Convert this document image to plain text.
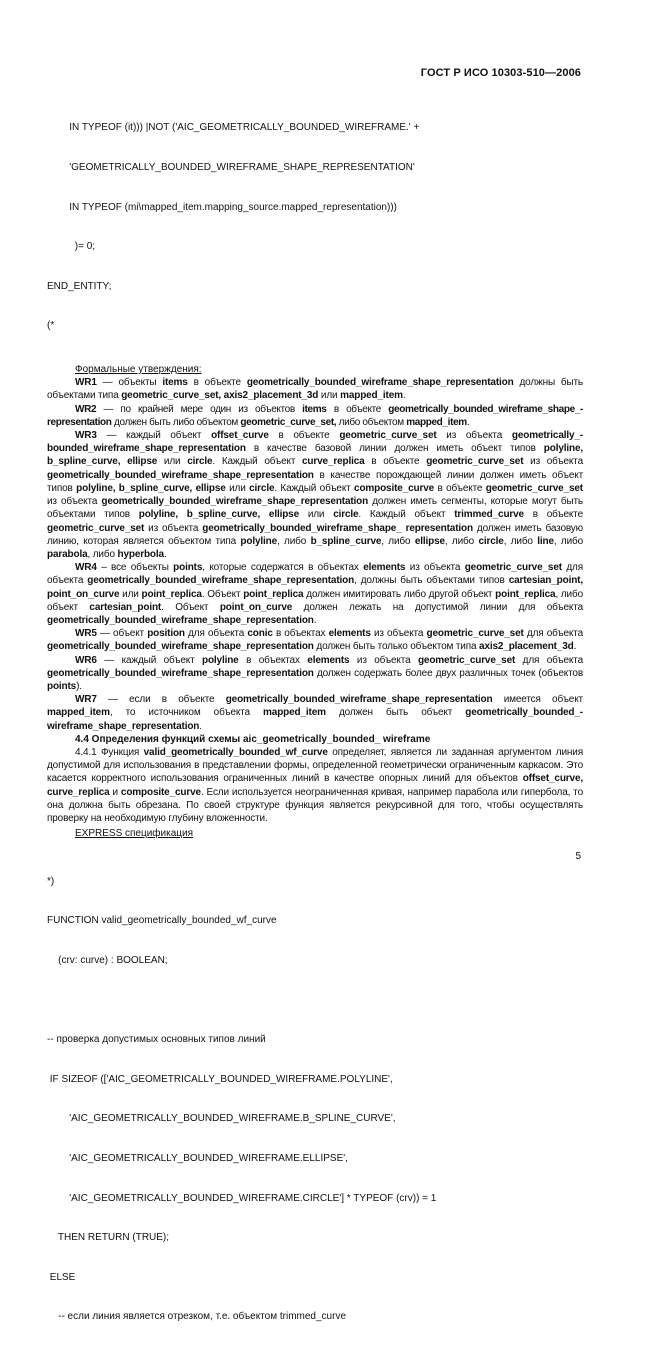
ГОСТ Р ИСО 10303-510—2006

IN TYPEOF (it))) |NOT ('AIC_GEOMETRICALLY_BOUNDED_WIREFRAME.' +

'GEOMETRICALLY_BOUNDED_WIREFRAME_SHAPE_REPRESENTATION'

IN TYPEOF (mi\mapped_item.mapping_source.mapped_representation)))

)= 0;

END_ENTITY;

(*

Формальные утверждения:

WR1 — объекты items в объекте geometrically_bounded_wireframe_shape_representation должны быть объектами типа geometric_curve_set, axis2_placement_3d или mapped_item.

WR2 — по крайней мере один из объектов items в объекте geometrically_bounded_wireframe_shape_-representation должен быть либо объектом geometric_curve_set, либо объектом mapped_item.

WR3 — каждый объект offset_curve в объекте geometric_curve_set из объекта geometrically_-bounded_wireframe_shape_representation в качестве базовой линии должен иметь объект типов polyline, b_spline_curve, ellipse или circle. Каждый объект curve_replica в объекте geometric_curve_set из объекта geometrically_bounded_wireframe_shape_representation в качестве порождающей линии должен иметь объект типов polyline, b_spline_curve, ellipse или circle. Каждый объект composite_curve в объекте geometric_curve_set из объекта geometrically_bounded_wireframe_shape_representation должен иметь сегменты, которые могут быть объектами типов polyline, b_spline_curve, ellipse или circle. Каждый объект trimmed_curve в объекте geometric_curve_set из объекта geometrically_bounded_wireframe_shape_ representation должен иметь базовую линию, которая является объектом типа polyline, либо b_spline_curve, либо ellipse, либо circle, либо line, либо parabola, либо hyperbola.

WR4 – все объекты points, которые содержатся в объектах elements из объекта geometric_curve_set для объекта geometrically_bounded_wireframe_shape_representation, должны быть объектами типов cartesian_point, point_on_curve или point_replica. Объект point_replica должен имитировать либо другой объект point_replica, либо объект cartesian_point. Объект point_on_curve должен лежать на допустимой линии для объекта geometrically_bounded_wireframe_shape_representation.

WR5 — объект position для объекта conic в объектах elements из объекта geometric_curve_set для объекта geometrically_bounded_wireframe_shape_representation должен быть только объектом типа axis2_placement_3d.

WR6 — каждый объект polyline в объектах elements из объекта geometric_curve_set для объекта geometrically_bounded_wireframe_shape_representation должен содержать более двух различных точек (объектов points).

WR7 — если в объекте geometrically_bounded_wireframe_shape_representation имеется объект mapped_item, то источником объекта mapped_item должен быть объект geometrically_bounded_-wireframe_shape_representation.

4.4 Определения функций схемы aic_geometrically_bounded_ wireframe

4.4.1 Функция valid_geometrically_bounded_wf_curve определяет, является ли заданная аргументом линия допустимой для использования в представлении формы, определенной геометрически ограниченным каркасом. Это касается корректного использования ограниченных линий в качестве опорных линий для объектов offset_curve, curve_replica и composite_curve. Если используется неограниченная кривая, например парабола или гипербола, то она должна быть обрезана. По своей структуре функция является рекурсивной для того, чтобы осуществлять проверку на необходимую глубину вложенности.

EXPRESS спецификация

*)

FUNCTION valid_geometrically_bounded_wf_curve

(crv: curve) : BOOLEAN;

-- проверка допустимых основных типов линий

IF SIZEOF (['AIC_GEOMETRICALLY_BOUNDED_WIREFRAME.POLYLINE',

'AIC_GEOMETRICALLY_BOUNDED_WIREFRAME.B_SPLINE_CURVE',

'AIC_GEOMETRICALLY_BOUNDED_WIREFRAME.ELLIPSE',

'AIC_GEOMETRICALLY_BOUNDED_WIREFRAME.CIRCLE'] * TYPEOF (crv)) = 1

THEN RETURN (TRUE);

ELSE

-- если линия является отрезком, т.е. объектом trimmed_curve

5
